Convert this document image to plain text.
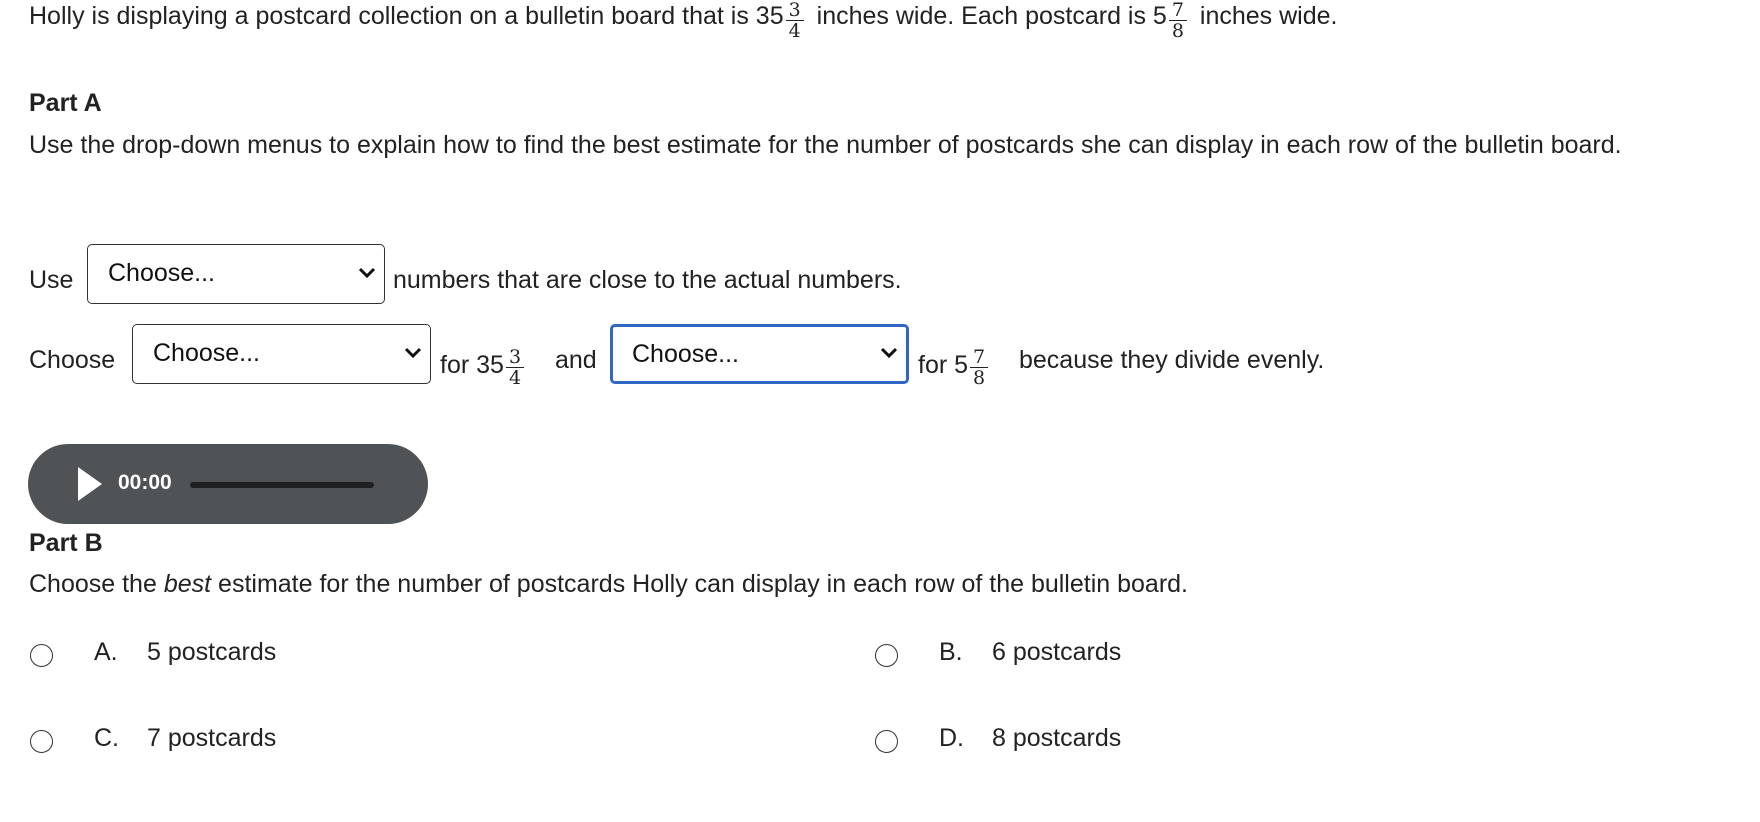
Holly is displaying a postcard collection on a bulletin board that is $35 \frac{3}{4}$ inches wide. Each postcard is $5 \frac{7}{8}$ inches wide.
Part A
Use the drop-down menus to explain how to find the best estimate for the number of postcards she can display in each row of the bulletin board.
Use	Choose...	numbers that are close to the actual numbers.
Choose	Choose...	for $35 \frac{3}{4}$ and	Choose...	for $5 \frac{7}{8}$ because they divide evenly.
00:00
Part B
Choose the best estimate for the number of postcards Holly can display in each row of the bulletin board.
A. 5 postcards	B. 6 postcards
C. 7 postcards	D. 8 postcards
